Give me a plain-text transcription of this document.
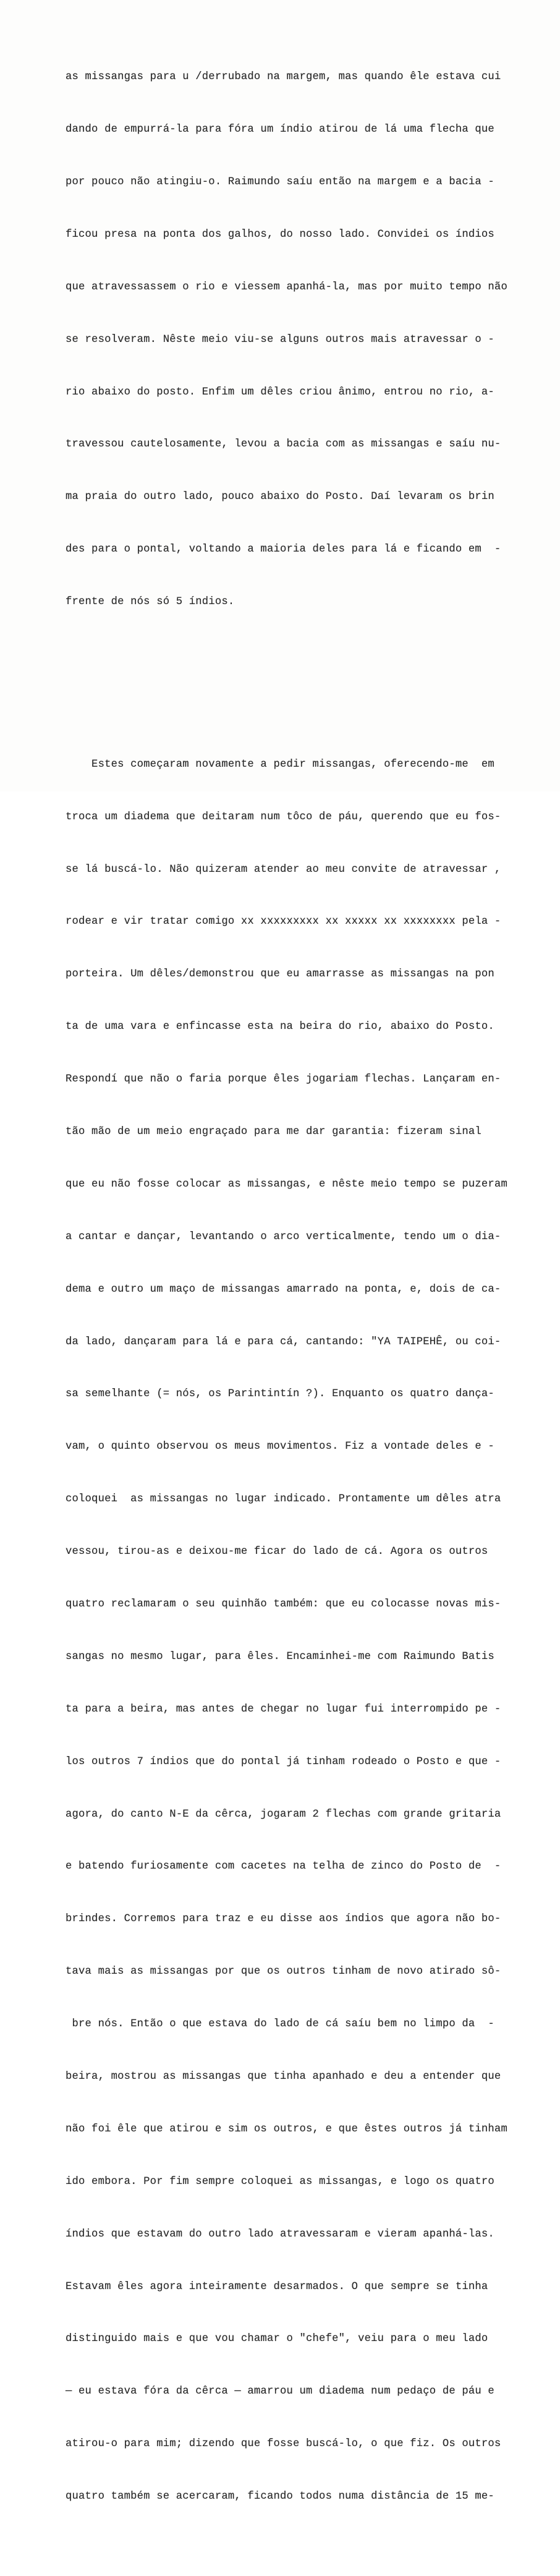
as missangas para u /derrubado na margem, mas quando êle estava cui

dando de empurrá-la para fóra um índio atirou de lá uma flecha que

por pouco não atingiu-o. Raimundo saíu então na margem e a bacia -

ficou presa na ponta dos galhos, do nosso lado. Convidei os índios

que atravessassem o rio e viessem apanhá-la, mas por muito tempo não

se resolveram. Nêste meio viu-se alguns outros mais atravessar o -

rio abaixo do posto. Enfim um dêles criou ânimo, entrou no rio, a-

travessou cautelosamente, levou a bacia com as missangas e saíu nu-

ma praia do outro lado, pouco abaixo do Posto. Daí levaram os brin

des para o pontal, voltando a maioria deles para lá e ficando em  -

frente de nós só 5 índios.

Estes começaram novamente a pedir missangas, oferecendo-me  em

troca um diadema que deitaram num tôco de páu, querendo que eu fos-

se lá buscá-lo. Não quizeram atender ao meu convite de atravessar ,

rodear e vir tratar comigo xx xxxxxxxxx xx xxxxx xx xxxxxxxx pela -

porteira. Um dêles/demonstrou que eu amarrasse as missangas na pon

ta de uma vara e enfincasse esta na beira do rio, abaixo do Posto.

Respondí que não o faria porque êles jogariam flechas. Lançaram en-

tão mão de um meio engraçado para me dar garantia: fizeram sinal

que eu não fosse colocar as missangas, e nêste meio tempo se puzeram

a cantar e dançar, levantando o arco verticalmente, tendo um o dia-

dema e outro um maço de missangas amarrado na ponta, e, dois de ca-

da lado, dançaram para lá e para cá, cantando: "YA TAIPEHÊ, ou coi-

sa semelhante (= nós, os Parintintín ?). Enquanto os quatro dança-

vam, o quinto observou os meus movimentos. Fiz a vontade deles e -

coloquei  as missangas no lugar indicado. Prontamente um dêles atra

vessou, tirou-as e deixou-me ficar do lado de cá. Agora os outros

quatro reclamaram o seu quinhão também: que eu colocasse novas mis-

sangas no mesmo lugar, para êles. Encaminhei-me com Raimundo Batis

ta para a beira, mas antes de chegar no lugar fui interrompido pe -

los outros 7 índios que do pontal já tinham rodeado o Posto e que -

agora, do canto N-E da cêrca, jogaram 2 flechas com grande gritaria

e batendo furiosamente com cacetes na telha de zinco do Posto de  -

brindes. Corremos para traz e eu disse aos índios que agora não bo-

tava mais as missangas por que os outros tinham de novo atirado sô-

bre nós. Então o que estava do lado de cá saíu bem no limpo da  -

beira, mostrou as missangas que tinha apanhado e deu a entender que

não foi êle que atirou e sim os outros, e que êstes outros já tinham

ido embora. Por fim sempre coloquei as missangas, e logo os quatro

índios que estavam do outro lado atravessaram e vieram apanhá-las.

Estavam êles agora inteiramente desarmados. O que sempre se tinha

distinguido mais e que vou chamar o "chefe", veiu para o meu lado

— eu estava fóra da cêrca — amarrou um diadema num pedaço de páu e

atirou-o para mim; dizendo que fosse buscá-lo, o que fiz. Os outros

quatro também se acercaram, ficando todos numa distância de 15 me-
